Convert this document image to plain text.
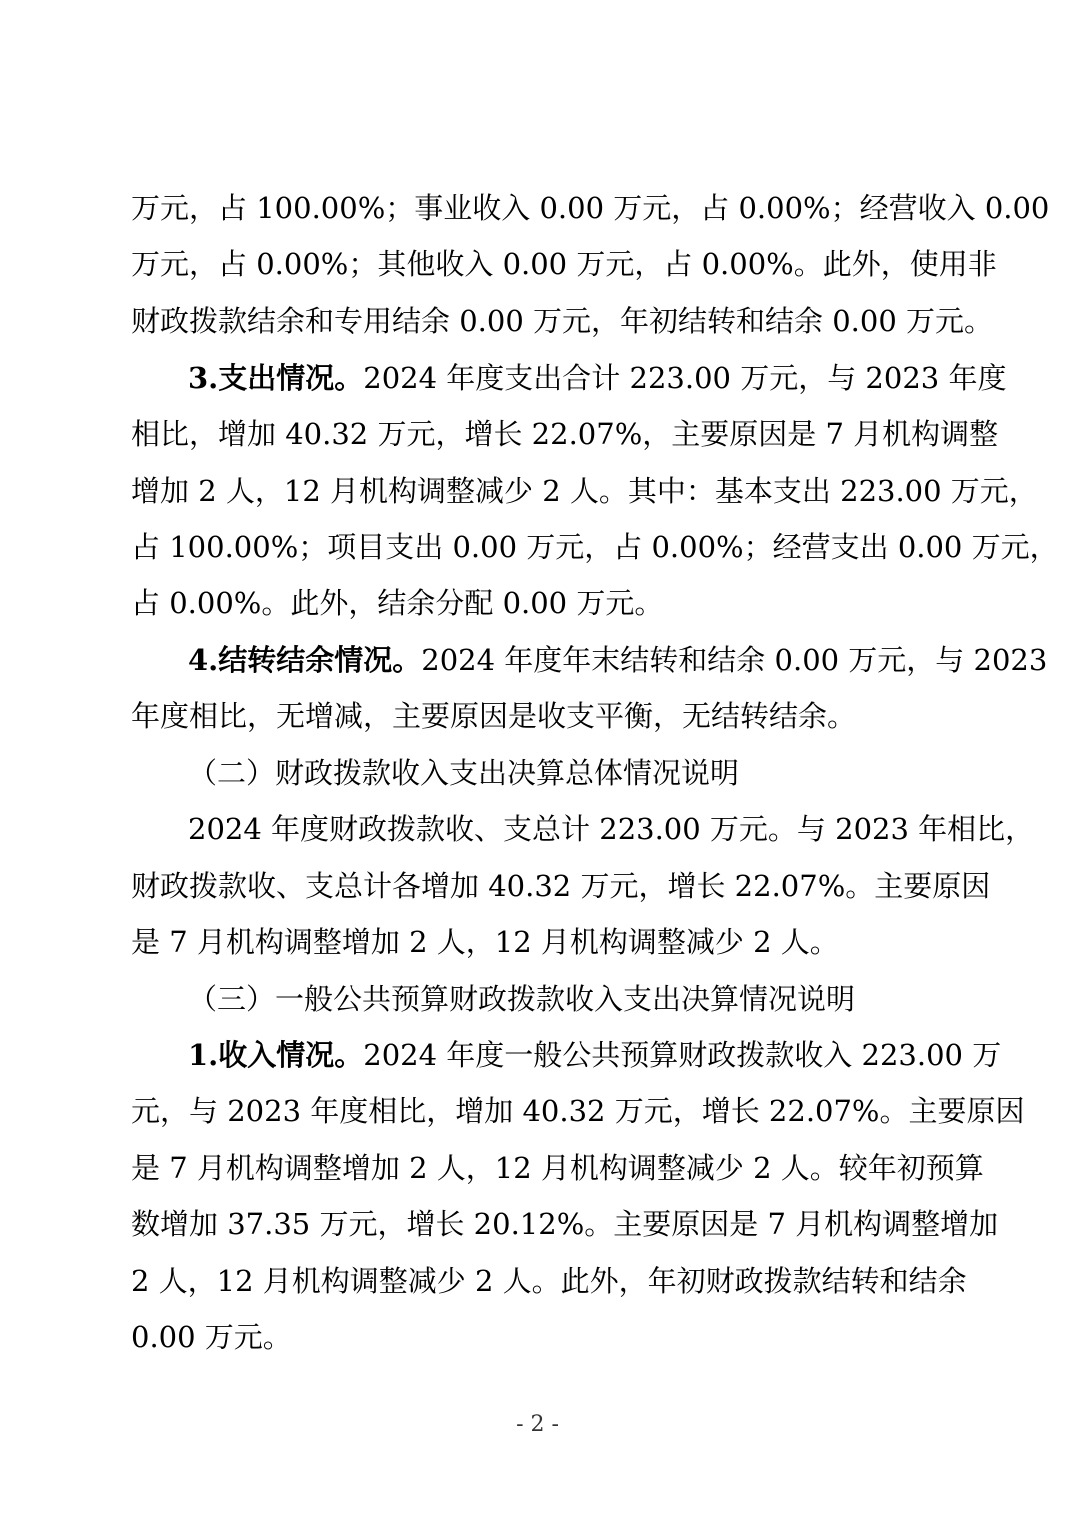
万元，占 100.00%；事业收入 0.00 万元，占 0.00%；经营收入 0.00
万元，占 0.00%；其他收入 0.00 万元，占 0.00%。此外，使用非
财政拨款结余和专用结余 0.00 万元，年初结转和结余 0.00 万元。
3.支出情况。2024 年度支出合计 223.00 万元，与 2023 年度
相比，增加 40.32 万元，增长 22.07%，主要原因是 7 月机构调整
增加 2 人，12 月机构调整减少 2 人。其中：基本支出 223.00 万元，
占 100.00%；项目支出 0.00 万元，占 0.00%；经营支出 0.00 万元，
占 0.00%。此外，结余分配 0.00 万元。
4.结转结余情况。2024 年度年末结转和结余 0.00 万元，与 2023
年度相比，无增减，主要原因是收支平衡，无结转结余。
（二）财政拨款收入支出决算总体情况说明
2024 年度财政拨款收、支总计 223.00 万元。与 2023 年相比，
财政拨款收、支总计各增加 40.32 万元，增长 22.07%。主要原因
是 7 月机构调整增加 2 人，12 月机构调整减少 2 人。
（三）一般公共预算财政拨款收入支出决算情况说明
1.收入情况。2024 年度一般公共预算财政拨款收入 223.00 万
元，与 2023 年度相比，增加 40.32 万元，增长 22.07%。主要原因
是 7 月机构调整增加 2 人，12 月机构调整减少 2 人。较年初预算
数增加 37.35 万元，增长 20.12%。主要原因是 7 月机构调整增加
2 人，12 月机构调整减少 2 人。此外，年初财政拨款结转和结余
0.00 万元。
- 2 -
